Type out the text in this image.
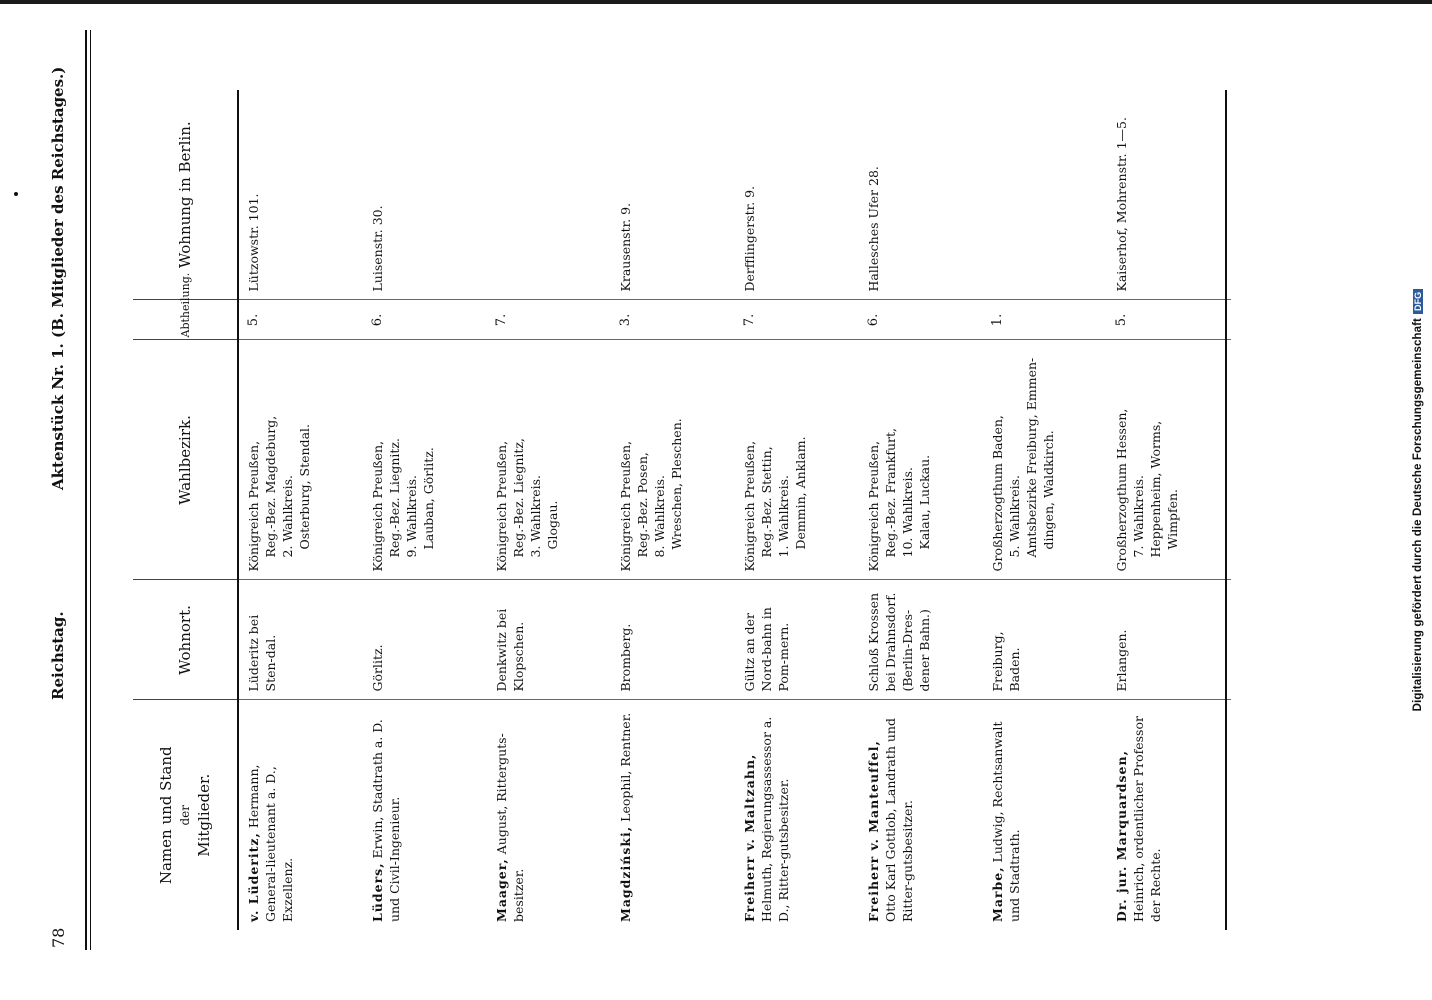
Digitalisierung gefördert durch die Deutsche ForschungsgemeinschaftDFG
78
Reichstag.
Aktenstück Nr. 1. (B. Mitglieder des Reichstages.)
Namen und Stand der Mitglieder.	Wohnort.	Wahlbezirk.	Abtheilung.	Wohnung in Berlin.
v. Lüderitz, Hermann, General-lieutenant a. D., Exzellenz.	Lüderitz bei Sten-dal.	Königreich Preußen, Reg.-Bez. Magdeburg, 2. Wahlkreis. Osterburg, Stendal.	5.	Lützowstr. 101.
Lüders, Erwin, Stadtrath a. D. und Civil-Ingenieur.	Görlitz.	Königreich Preußen, Reg.-Bez. Liegnitz. 9. Wahlkreis. Lauban, Görlitz.	6.	Luisenstr. 30.
Maager, August, Ritterguts-besitzer.	Denkwitz bei Klopschen.	Königreich Preußen, Reg.-Bez. Liegnitz, 3. Wahlkreis. Glogau.	7.	
Magdziński, Leophil, Rentner.	Bromberg.	Königreich Preußen, Reg.-Bez. Posen, 8. Wahlkreis. Wreschen, Pleschen.	3.	Krausenstr. 9.
Freiherr v. Maltzahn, Helmuth, Regierungsassessor a. D., Ritter-gutsbesitzer.	Gültz an der Nord-bahn in Pom-mern.	Königreich Preußen, Reg.-Bez. Stettin, 1. Wahlkreis. Demmin, Anklam.	7.	Derfflingerstr. 9.
Freiherr v. Manteuffel, Otto Karl Gottlob, Landrath und Ritter-gutsbesitzer.	Schloß Krossen bei Drahnsdorf. (Berlin-Dres-dener Bahn.)	Königreich Preußen, Reg.-Bez. Frankfurt, 10. Wahlkreis. Kalau, Luckau.	6.	Hallesches Ufer 28.
Marbe, Ludwig, Rechtsanwalt und Stadtrath.	Freiburg, Baden.	Großherzogthum Baden, 5. Wahlkreis. Amtsbezirke Freiburg, Emmen- dingen, Waldkirch.	1.	
Dr. jur. Marquardsen, Heinrich, ordentlicher Professor der Rechte.	Erlangen.	Großherzogthum Hessen, 7. Wahlkreis. Heppenheim, Worms, Wimpfen.	5.	Kaiserhof, Mohrenstr. 1—5.
